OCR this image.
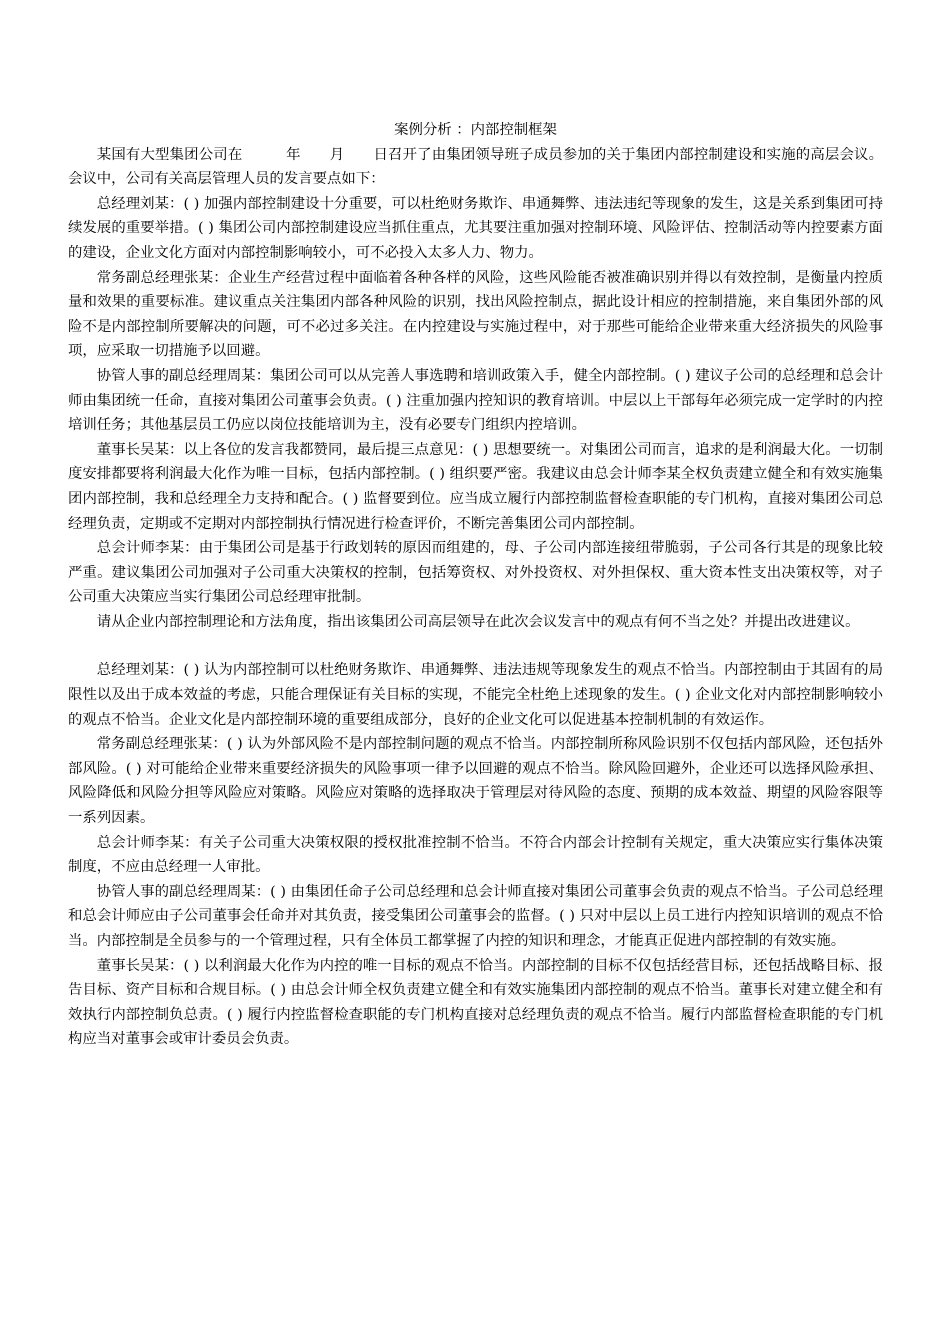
案例分析 ：内部控制框架

某国有大型集团公司在　　　年　　月　　日召开了由集团领导班子成员参加的关于集团内部控制建设和实施的高层会议。会议中，公司有关高层管理人员的发言要点如下：

总经理刘某：( ) 加强内部控制建设十分重要，可以杜绝财务欺诈、串通舞弊、违法违纪等现象的发生，这是关系到集团可持续发展的重要举措。( ) 集团公司内部控制建设应当抓住重点，尤其要注重加强对控制环境、风险评估、控制活动等内控要素方面的建设，企业文化方面对内部控制影响较小，可不必投入太多人力、物力。

常务副总经理张某：企业生产经营过程中面临着各种各样的风险，这些风险能否被准确识别并得以有效控制，是衡量内控质量和效果的重要标准。建议重点关注集团内部各种风险的识别，找出风险控制点，据此设计相应的控制措施，来自集团外部的风险不是内部控制所要解决的问题，可不必过多关注。在内控建设与实施过程中，对于那些可能给企业带来重大经济损失的风险事项，应采取一切措施予以回避。

协管人事的副总经理周某：集团公司可以从完善人事选聘和培训政策入手，健全内部控制。( ) 建议子公司的总经理和总会计师由集团统一任命，直接对集团公司董事会负责。( ) 注重加强内控知识的教育培训。中层以上干部每年必须完成一定学时的内控培训任务；其他基层员工仍应以岗位技能培训为主，没有必要专门组织内控培训。

董事长吴某：以上各位的发言我都赞同，最后提三点意见：( ) 思想要统一。对集团公司而言，追求的是利润最大化。一切制度安排都要将利润最大化作为唯一目标，包括内部控制。( ) 组织要严密。我建议由总会计师李某全权负责建立健全和有效实施集团内部控制，我和总经理全力支持和配合。( ) 监督要到位。应当成立履行内部控制监督检查职能的专门机构，直接对集团公司总经理负责，定期或不定期对内部控制执行情况进行检查评价，不断完善集团公司内部控制。

总会计师李某：由于集团公司是基于行政划转的原因而组建的，母、子公司内部连接纽带脆弱，子公司各行其是的现象比较严重。建议集团公司加强对子公司重大决策权的控制，包括筹资权、对外投资权、对外担保权、重大资本性支出决策权等，对子公司重大决策应当实行集团公司总经理审批制。

请从企业内部控制理论和方法角度，指出该集团公司高层领导在此次会议发言中的观点有何不当之处？并提出改进建议。

总经理刘某：( ) 认为内部控制可以杜绝财务欺诈、串通舞弊、违法违规等现象发生的观点不恰当。内部控制由于其固有的局限性以及出于成本效益的考虑，只能合理保证有关目标的实现，不能完全杜绝上述现象的发生。( ) 企业文化对内部控制影响较小的观点不恰当。企业文化是内部控制环境的重要组成部分，良好的企业文化可以促进基本控制机制的有效运作。

常务副总经理张某：( ) 认为外部风险不是内部控制问题的观点不恰当。内部控制所称风险识别不仅包括内部风险，还包括外部风险。( ) 对可能给企业带来重要经济损失的风险事项一律予以回避的观点不恰当。除风险回避外，企业还可以选择风险承担、风险降低和风险分担等风险应对策略。风险应对策略的选择取决于管理层对待风险的态度、预期的成本效益、期望的风险容限等一系列因素。

总会计师李某：有关子公司重大决策权限的授权批准控制不恰当。不符合内部会计控制有关规定，重大决策应实行集体决策制度，不应由总经理一人审批。

协管人事的副总经理周某：( ) 由集团任命子公司总经理和总会计师直接对集团公司董事会负责的观点不恰当。子公司总经理和总会计师应由子公司董事会任命并对其负责，接受集团公司董事会的监督。( ) 只对中层以上员工进行内控知识培训的观点不恰当。内部控制是全员参与的一个管理过程，只有全体员工都掌握了内控的知识和理念，才能真正促进内部控制的有效实施。

董事长吴某：( ) 以利润最大化作为内控的唯一目标的观点不恰当。内部控制的目标不仅包括经营目标，还包括战略目标、报告目标、资产目标和合规目标。( ) 由总会计师全权负责建立健全和有效实施集团内部控制的观点不恰当。董事长对建立健全和有效执行内部控制负总责。( ) 履行内控监督检查职能的专门机构直接对总经理负责的观点不恰当。履行内部监督检查职能的专门机构应当对董事会或审计委员会负责。
